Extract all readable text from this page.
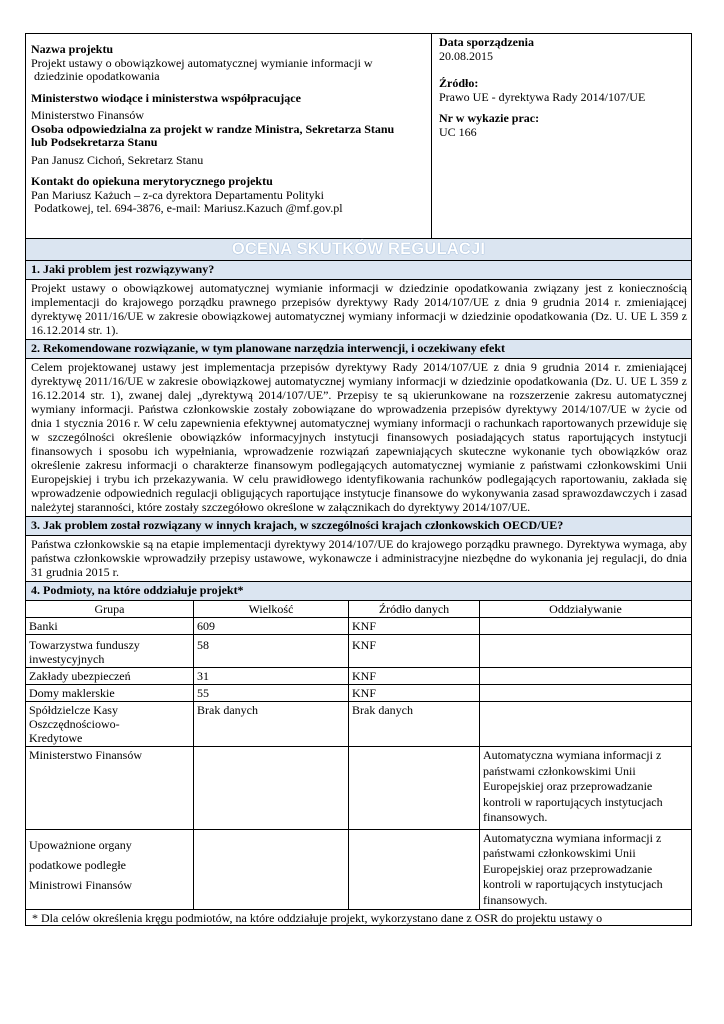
Nazwa projektu
Projekt ustawy o obowiązkowej automatycznej wymianie informacji w
dziedzinie opodatkowania
Ministerstwo wiodące i ministerstwa współpracujące
Ministerstwo Finansów
Osoba odpowiedzialna za projekt w randze Ministra, Sekretarza Stanu
lub Podsekretarza Stanu
Pan Janusz Cichoń, Sekretarz Stanu
Kontakt do opiekuna merytorycznego projektu
Pan Mariusz Każuch – z-ca dyrektora Departamentu Polityki
Podatkowej, tel. 694-3876, e-mail: Mariusz.Kazuch @mf.gov.pl

Data sporządzenia
20.08.2015
Źródło:
Prawo UE - dyrektywa Rady 2014/107/UE
Nr w wykazie prac:
UC 166

OCENA SKUTKÓW REGULACJI
1. Jaki problem jest rozwiązywany?
Projekt ustawy o obowiązkowej automatycznej wymianie informacji w dziedzinie opodatkowania związany jest z koniecznością implementacji do krajowego porządku prawnego przepisów dyrektywy Rady 2014/107/UE z dnia 9 grudnia 2014 r. zmieniającej dyrektywę 2011/16/UE w zakresie obowiązkowej automatycznej wymiany informacji w dziedzinie opodatkowania (Dz. U. UE L 359 z 16.12.2014 str. 1).
2. Rekomendowane rozwiązanie, w tym planowane narzędzia interwencji, i oczekiwany efekt
Celem projektowanej ustawy jest implementacja przepisów dyrektywy Rady 2014/107/UE z dnia 9 grudnia 2014 r. zmieniającej dyrektywę 2011/16/UE w zakresie obowiązkowej automatycznej wymiany informacji w dziedzinie opodatkowania (Dz. U. UE L 359 z 16.12.2014 str. 1), zwanej dalej „dyrektywą 2014/107/UE”. Przepisy te są ukierunkowane na rozszerzenie zakresu automatycznej wymiany informacji. Państwa członkowskie zostały zobowiązane do wprowadzenia przepisów dyrektywy 2014/107/UE w życie od dnia 1 stycznia 2016 r. W celu zapewnienia efektywnej automatycznej wymiany informacji o rachunkach raportowanych przewiduje się w szczególności określenie obowiązków informacyjnych instytucji finansowych posiadających status raportujących instytucji finansowych i sposobu ich wypełniania, wprowadzenie rozwiązań zapewniających skuteczne wykonanie tych obowiązków oraz określenie zakresu informacji o charakterze finansowym podlegających automatycznej wymianie z państwami członkowskimi Unii Europejskiej i trybu ich przekazywania. W celu prawidłowego identyfikowania rachunków podlegających raportowaniu, zakłada się wprowadzenie odpowiednich regulacji obligujących raportujące instytucje finansowe do wykonywania zasad sprawozdawczych i zasad należytej staranności, które zostały szczegółowo określone w załącznikach do dyrektywy 2014/107/UE.
3. Jak problem został rozwiązany w innych krajach, w szczególności krajach członkowskich OECD/UE?
Państwa członkowskie są na etapie implementacji dyrektywy 2014/107/UE do krajowego porządku prawnego. Dyrektywa wymaga, aby państwa członkowskie wprowadziły przepisy ustawowe, wykonawcze i administracyjne niezbędne do wykonania jej regulacji, do dnia 31 grudnia 2015 r.
4. Podmioty, na które oddziałuje projekt*
Grupa	Wielkość	Źródło danych	Oddziaływanie
Banki	609	KNF	
Towarzystwa funduszy inwestycyjnych	58	KNF	
Zakłady ubezpieczeń	31	KNF	
Domy maklerskie	55	KNF	
Spółdzielcze Kasy Oszczędnościowo-Kredytowe	Brak danych	Brak danych	
Ministerstwo Finansów			Automatyczna wymiana informacji z państwami członkowskimi Unii Europejskiej oraz przeprowadzanie kontroli w raportujących instytucjach finansowych.
Upoważnione organy podatkowe podległe Ministrowi Finansów			Automatyczna wymiana informacji z państwami członkowskimi Unii Europejskiej oraz przeprowadzanie kontroli w raportujących instytucjach finansowych.
* Dla celów określenia kręgu podmiotów, na które oddziałuje projekt, wykorzystano dane z OSR do projektu ustawy o			
